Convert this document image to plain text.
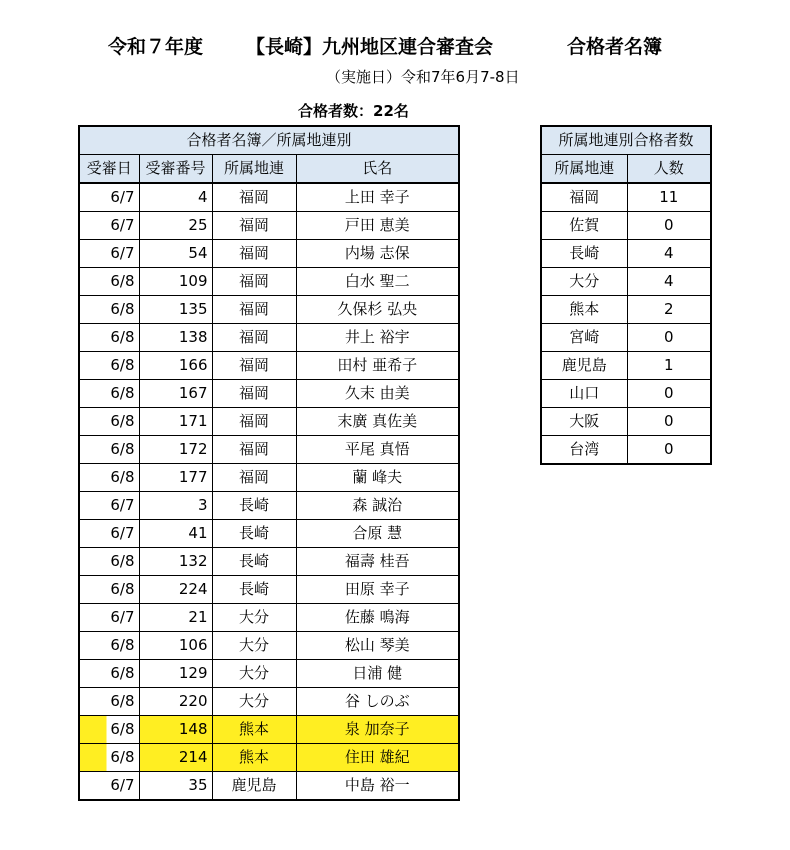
令和７年度

【長崎】九州地区連合審査会

	合格者名簿

（実施日）令和7年6月7-8日
合格者数：22名
合格者名簿／所属地連別			
受審日	受審番号	所属地連	氏名
6/7	4	福岡	上田 幸子
6/7	25	福岡	戸田 恵美
6/7	54	福岡	内場 志保
6/8	109	福岡	白水 聖二
6/8	135	福岡	久保杉 弘央
6/8	138	福岡	井上 裕宇
6/8	166	福岡	田村 亜希子
6/8	167	福岡	久末 由美
6/8	171	福岡	末廣 真佐美
6/8	172	福岡	平尾 真悟
6/8	177	福岡	蘭 峰夫
6/7	3	長崎	森 誠治
6/7	41	長崎	合原 慧
6/8	132	長崎	福壽 桂吾
6/8	224	長崎	田原 幸子
6/7	21	大分	佐藤 鳴海
6/8	106	大分	松山 琴美
6/8	129	大分	日浦 健
6/8	220	大分	谷 しのぶ
6/8	148	熊本	泉 加奈子
6/8	214	熊本	住田 雄紀
6/7	35	鹿児島	中島 裕一
所属地連別合格者数	
所属地連	人数
福岡	11
佐賀	0
長崎	4
大分	4
熊本	2
宮崎	0
鹿児島	1
山口	0
大阪	0
台湾	0
